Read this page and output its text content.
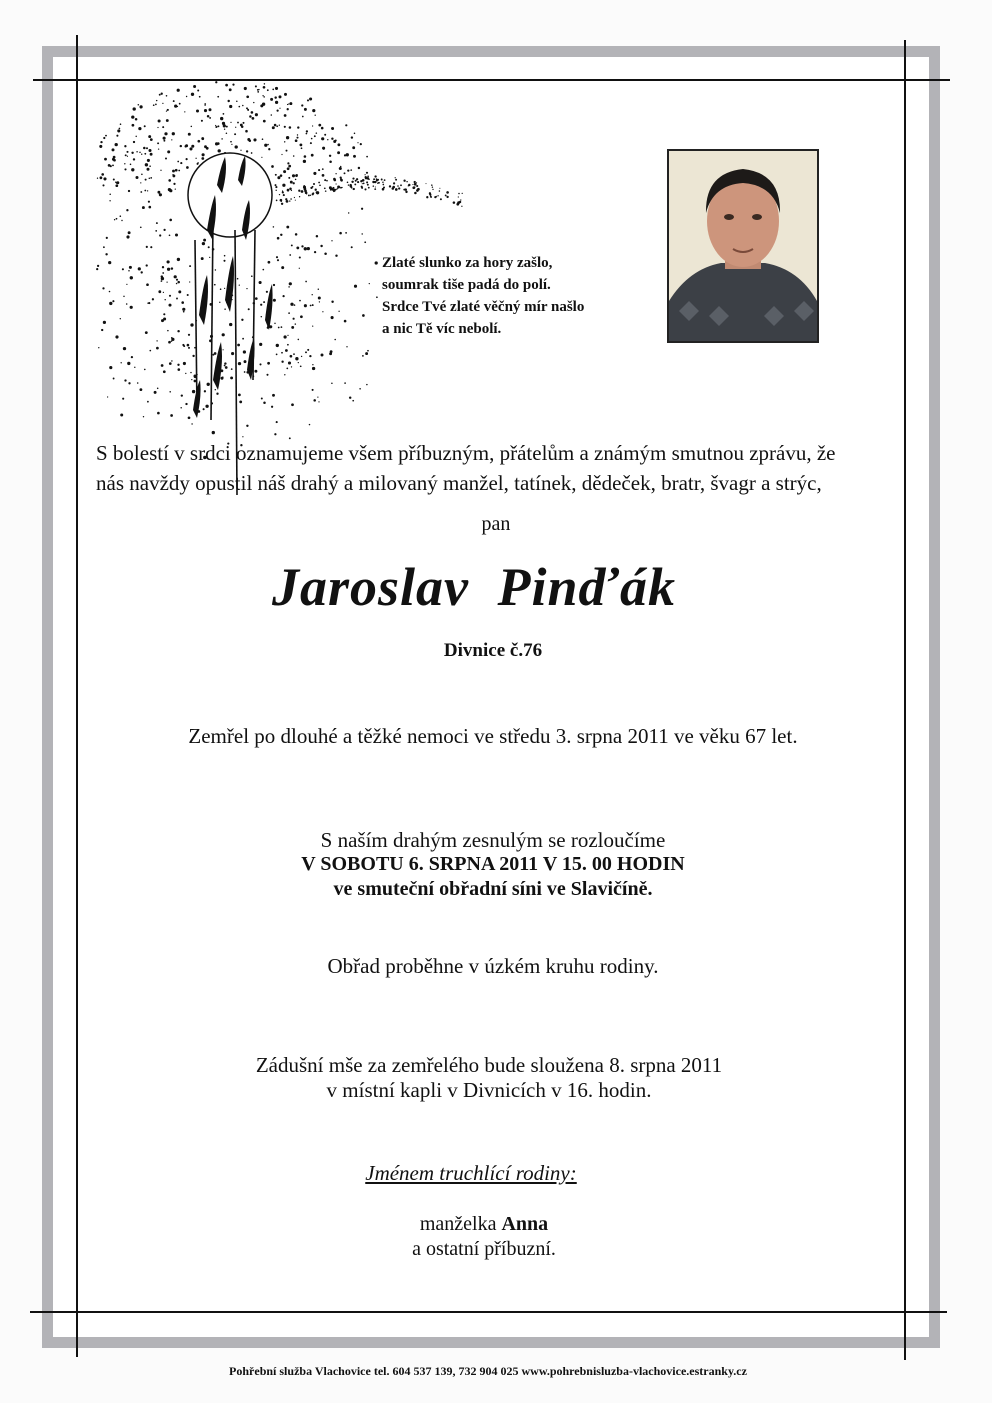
Zlaté slunko za hory zašlo,
soumrak tiše padá do polí.
Srdce Tvé zlaté věčný mír našlo
a nic Tě víc nebolí.

S bolestí v srdci oznamujeme všem příbuzným, přátelům a známým smutnou zprávu, že
nás navždy opustil náš drahý a milovaný manžel, tatínek, dědeček, bratr, švagr a strýc,

pan

Jaroslav Pinďák

Divnice č.76

Zemřel po dlouhé a těžké nemoci ve středu 3. srpna 2011 ve věku 67 let.

S naším drahým zesnulým se rozloučíme

V SOBOTU 6. SRPNA 2011 V 15. 00 HODIN

ve smuteční obřadní síni ve Slavičíně.

Obřad proběhne v úzkém kruhu rodiny.

Zádušní mše za zemřelého bude sloužena 8. srpna 2011

v místní kapli v Divnicích v 16. hodin.

Jménem truchlící rodiny:

manželka Anna

a ostatní příbuzní.

Pohřební služba Vlachovice tel. 604 537 139, 732 904 025 www.pohrebnisluzba-vlachovice.estranky.cz
